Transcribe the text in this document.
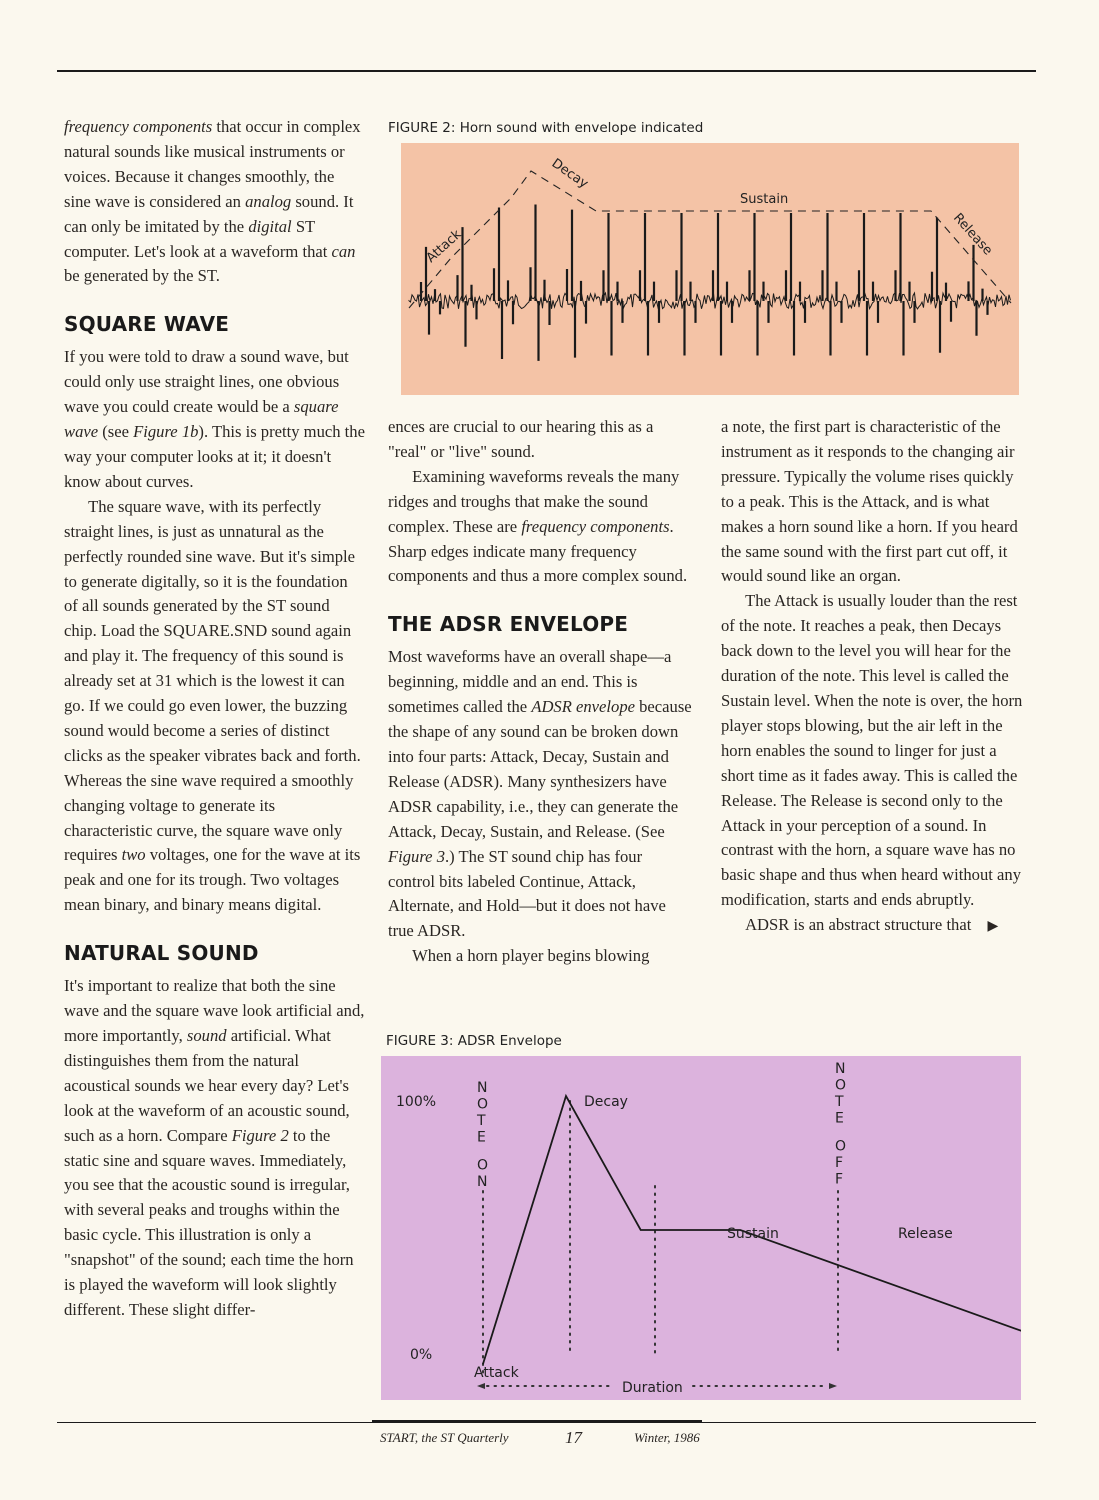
frequency components that occur in complex natural sounds like musical instruments or voices. Because it changes smoothly, the sine wave is considered an analog sound. It can only be imitated by the digital ST computer. Let's look at a waveform that can be generated by the ST.

SQUARE WAVE

If you were told to draw a sound wave, but could only use straight lines, one obvious wave you could create would be a square wave (see Figure 1b). This is pretty much the way your computer looks at it; it doesn't know about curves.

The square wave, with its perfectly straight lines, is just as unnatural as the perfectly rounded sine wave. But it's simple to generate digitally, so it is the foundation of all sounds generated by the ST sound chip. Load the SQUARE.SND sound again and play it. The frequency of this sound is already set at 31 which is the lowest it can go. If we could go even lower, the buzzing sound would become a series of distinct clicks as the speaker vibrates back and forth. Whereas the sine wave required a smoothly changing voltage to generate its characteristic curve, the square wave only requires two voltages, one for the wave at its peak and one for its trough. Two voltages mean binary, and binary means digital.

NATURAL SOUND

It's important to realize that both the sine wave and the square wave look artificial and, more importantly, sound artificial. What distinguishes them from the natural acoustical sounds we hear every day? Let's look at the waveform of an acoustic sound, such as a horn. Compare Figure 2 to the static sine and square waves. Immediately, you see that the acoustic sound is irregular, with several peaks and troughs within the basic cycle. This illustration is only a "snapshot" of the sound; each time the horn is played the waveform will look slightly different. These slight differ-

FIGURE 2: Horn sound with envelope indicated
Attack
Decay
Sustain
Release

ences are crucial to our hearing this as a "real" or "live" sound.

Examining waveforms reveals the many ridges and troughs that make the sound complex. These are frequency components. Sharp edges indicate many frequency components and thus a more complex sound.

THE ADSR ENVELOPE

Most waveforms have an overall shape—a beginning, middle and an end. This is sometimes called the ADSR envelope because the shape of any sound can be broken down into four parts: Attack, Decay, Sustain and Release (ADSR). Many synthesizers have ADSR capability, i.e., they can generate the Attack, Decay, Sustain, and Release. (See Figure 3.) The ST sound chip has four control bits labeled Continue, Attack, Alternate, and Hold—but it does not have true ADSR.

When a horn player begins blowing

a note, the first part is characteristic of the instrument as it responds to the changing air pressure. Typically the volume rises quickly to a peak. This is the Attack, and is what makes a horn sound like a horn. If you heard the same sound with the first part cut off, it would sound like an organ.

The Attack is usually louder than the rest of the note. It reaches a peak, then Decays back down to the level you will hear for the duration of the note. This level is called the Sustain level. When the note is over, the horn player stops blowing, but the air left in the horn enables the sound to linger for just a short time as it fades away. This is called the Release. The Release is second only to the Attack in your perception of a sound. In contrast with the horn, a square wave has no basic shape and thus when heard without any modification, starts and ends abruptly.

ADSR is an abstract structure that ▶

FIGURE 3: ADSR Envelope
100%
0%
N O T E O N
N O T E O F F
Decay
Sustain	Release
Attack
Duration
START, the ST Quarterly	17	Winter, 1986
